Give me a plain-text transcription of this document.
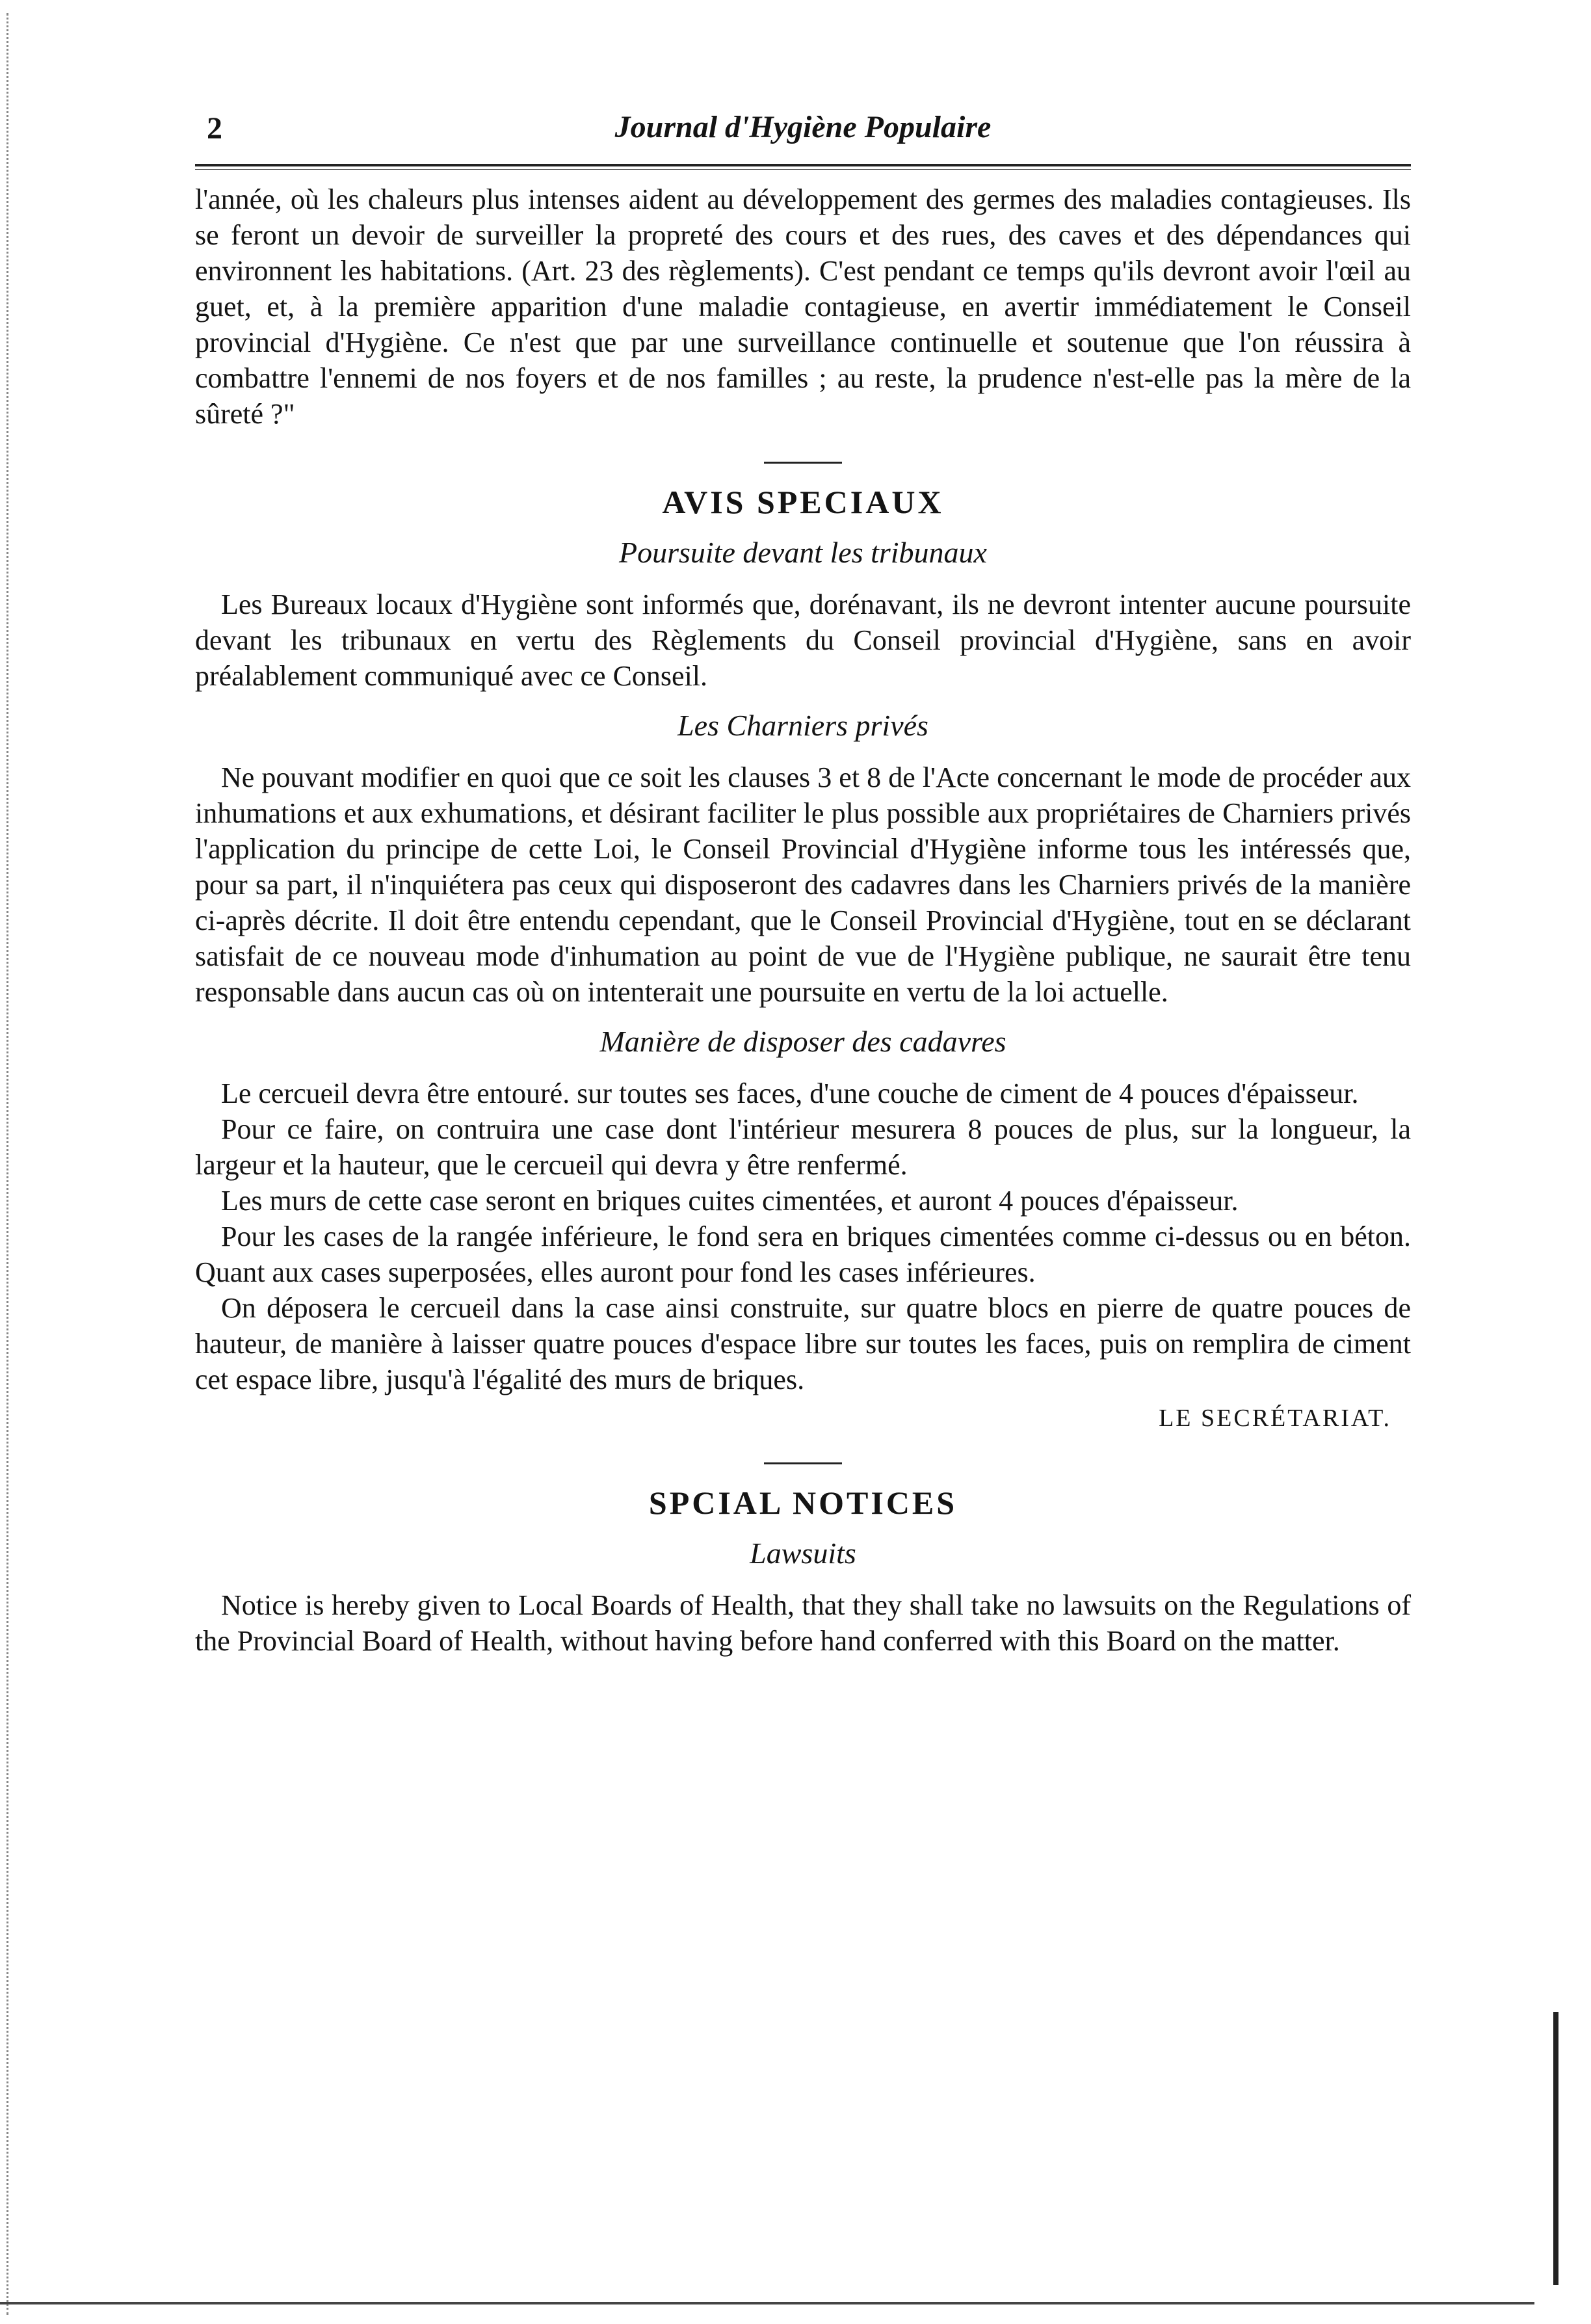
2	Journal d'Hygiène Populaire

l'année, où les chaleurs plus intenses aident au développement des germes des maladies contagieuses. Ils se feront un devoir de surveiller la propreté des cours et des rues, des caves et des dépendances qui environnent les habitations. (Art. 23 des règlements). C'est pendant ce temps qu'ils devront avoir l'œil au guet, et, à la première apparition d'une maladie contagieuse, en avertir immédiatement le Conseil provincial d'Hygiène. Ce n'est que par une surveillance continuelle et soutenue que l'on réussira à combattre l'ennemi de nos foyers et de nos familles ; au reste, la prudence n'est-elle pas la mère de la sûreté ?"

AVIS SPECIAUX
Poursuite devant les tribunaux

Les Bureaux locaux d'Hygiène sont informés que, dorénavant, ils ne devront intenter aucune poursuite devant les tribunaux en vertu des Règlements du Conseil provincial d'Hygiène, sans en avoir préalablement communiqué avec ce Conseil.

Les Charniers privés

Ne pouvant modifier en quoi que ce soit les clauses 3 et 8 de l'Acte concernant le mode de procéder aux inhumations et aux exhumations, et désirant faciliter le plus possible aux propriétaires de Charniers privés l'application du principe de cette Loi, le Conseil Provincial d'Hygiène informe tous les intéressés que, pour sa part, il n'inquiétera pas ceux qui disposeront des cadavres dans les Charniers privés de la manière ci-après décrite. Il doit être entendu cependant, que le Conseil Provincial d'Hygiène, tout en se déclarant satisfait de ce nouveau mode d'inhumation au point de vue de l'Hygiène publique, ne saurait être tenu responsable dans aucun cas où on intenterait une poursuite en vertu de la loi actuelle.

Manière de disposer des cadavres

Le cercueil devra être entouré. sur toutes ses faces, d'une couche de ciment de 4 pouces d'épaisseur.

Pour ce faire, on contruira une case dont l'intérieur mesurera 8 pouces de plus, sur la longueur, la largeur et la hauteur, que le cercueil qui devra y être renfermé.

Les murs de cette case seront en briques cuites cimentées, et auront 4 pouces d'épaisseur.

Pour les cases de la rangée inférieure, le fond sera en briques cimentées comme ci-dessus ou en béton. Quant aux cases superposées, elles auront pour fond les cases inférieures.

On déposera le cercueil dans la case ainsi construite, sur quatre blocs en pierre de quatre pouces de hauteur, de manière à laisser quatre pouces d'espace libre sur toutes les faces, puis on remplira de ciment cet espace libre, jusqu'à l'égalité des murs de briques.

LE SECRÉTARIAT.
SPCIAL NOTICES
Lawsuits

Notice is hereby given to Local Boards of Health, that they shall take no lawsuits on the Regulations of the Provincial Board of Health, without having before hand conferred with this Board on the matter.
